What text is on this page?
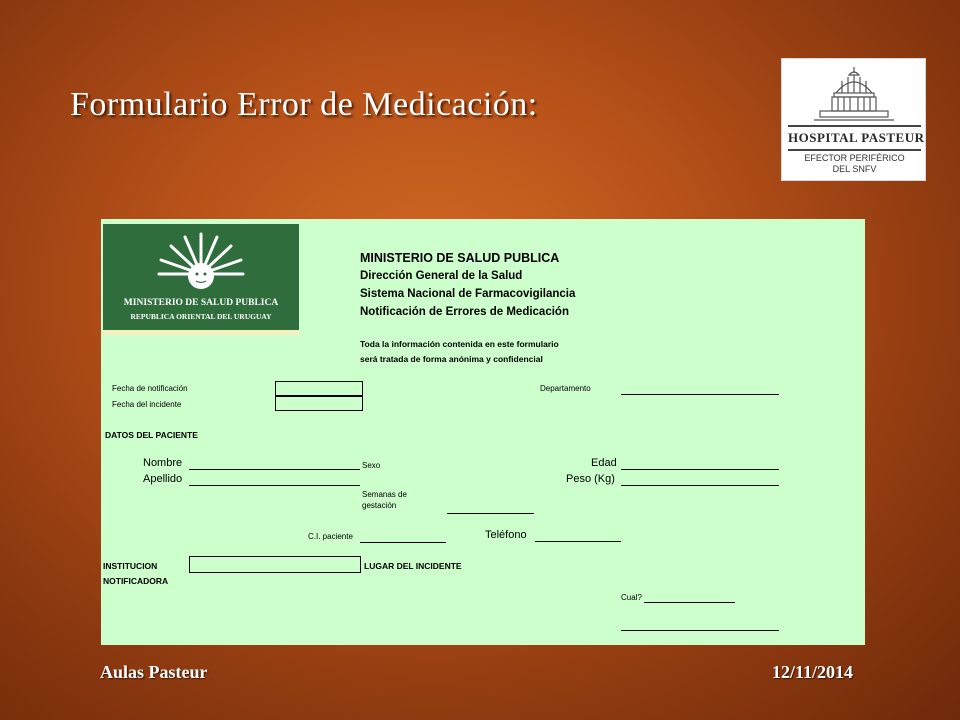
Formulario Error de Medicación:
HOSPITAL PASTEUR
EFECTOR PERIFÉRICO
DEL SNFV
MINISTERIO DE SALUD PUBLICA
REPUBLICA ORIENTAL DEL URUGUAY
MINISTERIO DE SALUD PUBLICA
Dirección General de la Salud
Sistema Nacional de Farmacovigilancia
Notificación de Errores de Medicación
Toda la información contenida en este formulario
será tratada de forma anónima y confidencial
Fecha de notificación
Fecha del incidente
Departamento
DATOS DEL PACIENTE
Nombre
Apellido
Sexo	Edad
Peso (Kg)
Semanas de
gestación
C.I. paciente	Teléfono
INSTITUCION
NOTIFICADORA
LUGAR DEL INCIDENTE
Cual?
Aulas Pasteur	12/11/2014
